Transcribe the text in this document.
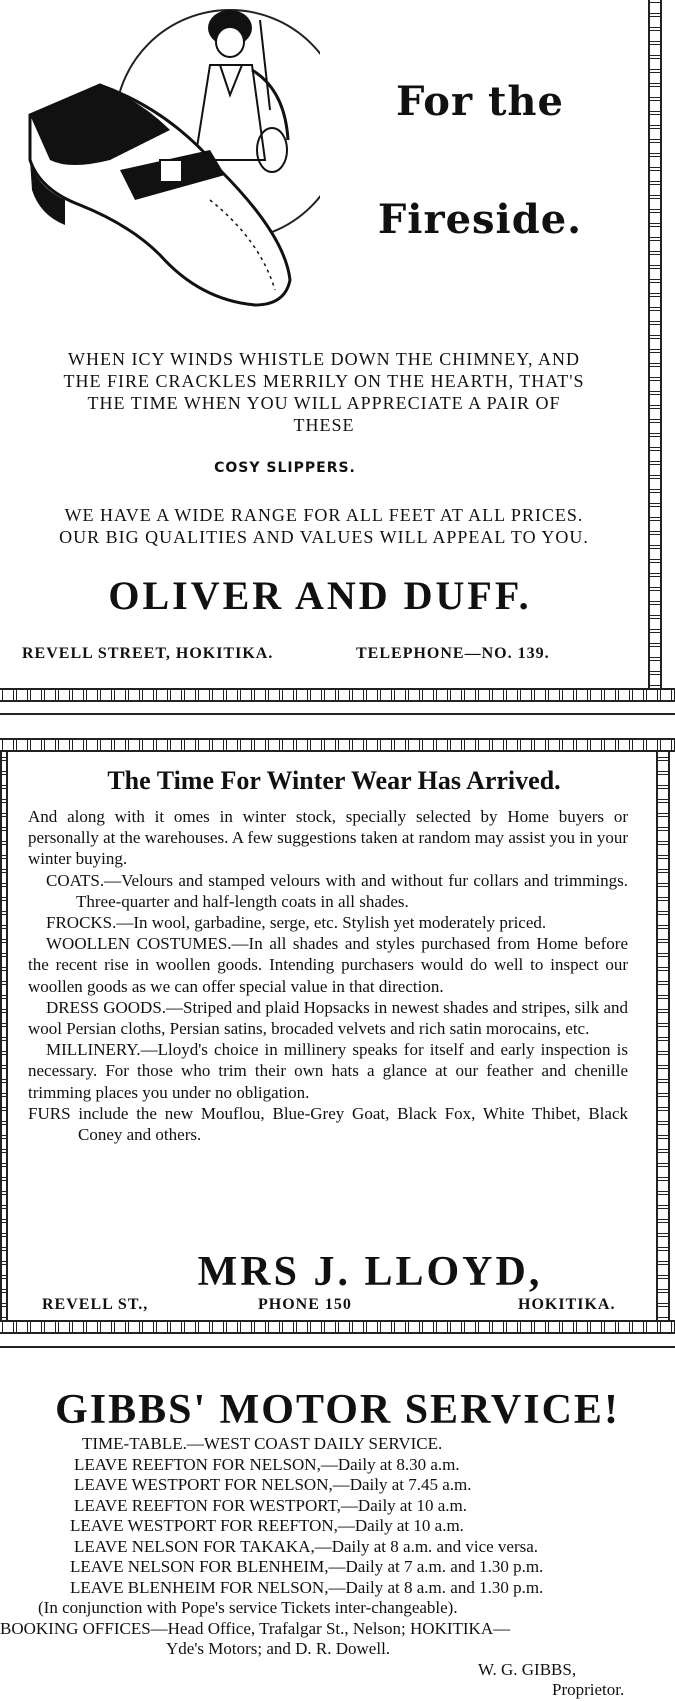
For the
Fireside.
WHEN ICY WINDS WHISTLE DOWN THE CHIMNEY, AND
THE FIRE CRACKLES MERRILY ON THE HEARTH, THAT'S
THE TIME WHEN YOU WILL APPRECIATE A PAIR OF
THESE
COSY SLIPPERS.
WE HAVE A WIDE RANGE FOR ALL FEET AT ALL PRICES.
OUR BIG QUALITIES AND VALUES WILL APPEAL TO YOU.
OLIVER AND DUFF.
REVELL STREET, HOKITIKA.	TELEPHONE—NO. 139.
The Time For Winter Wear Has Arrived.

And along with it omes in winter stock, specially selected by Home buyers or personally at the warehouses. A few suggestions taken at random may assist you in your winter buying.

COATS.—Velours and stamped velours with and without fur collars and trimmings. Three-quarter and half-length coats in all shades.

FROCKS.—In wool, garbadine, serge, etc. Stylish yet moderately priced.

WOOLLEN COSTUMES.—In all shades and styles purchased from Home before the recent rise in woollen goods. Intending purchasers would do well to inspect our woollen goods as we can offer special value in that direction.

DRESS GOODS.—Striped and plaid Hopsacks in newest shades and stripes, silk and wool Persian cloths, Persian satins, brocaded velvets and rich satin morocains, etc.

MILLINERY.—Lloyd's choice in millinery speaks for itself and early inspection is necessary. For those who trim their own hats a glance at our feather and chenille trimming places you under no obligation.

FURS include the new Mouflou, Blue-Grey Goat, Black Fox, White Thibet, Black Coney and others.

MRS J. LLOYD,
REVELL ST.,	PHONE 150	HOKITIKA.
GIBBS' MOTOR SERVICE!
TIME-TABLE.—WEST COAST DAILY SERVICE.
LEAVE REEFTON FOR NELSON,—Daily at 8.30 a.m.
LEAVE WESTPORT FOR NELSON,—Daily at 7.45 a.m.
LEAVE REEFTON FOR WESTPORT,—Daily at 10 a.m.
LEAVE WESTPORT FOR REEFTON,—Daily at 10 a.m.
LEAVE NELSON FOR TAKAKA,—Daily at 8 a.m. and vice versa.
LEAVE NELSON FOR BLENHEIM,—Daily at 7 a.m. and 1.30 p.m.
LEAVE BLENHEIM FOR NELSON,—Daily at 8 a.m. and 1.30 p.m.
(In conjunction with Pope's service Tickets inter-changeable).
BOOKING OFFICES—Head Office, Trafalgar St., Nelson; HOKITIKA—
Yde's Motors; and D. R. Dowell.
W. G. GIBBS,
Proprietor.
